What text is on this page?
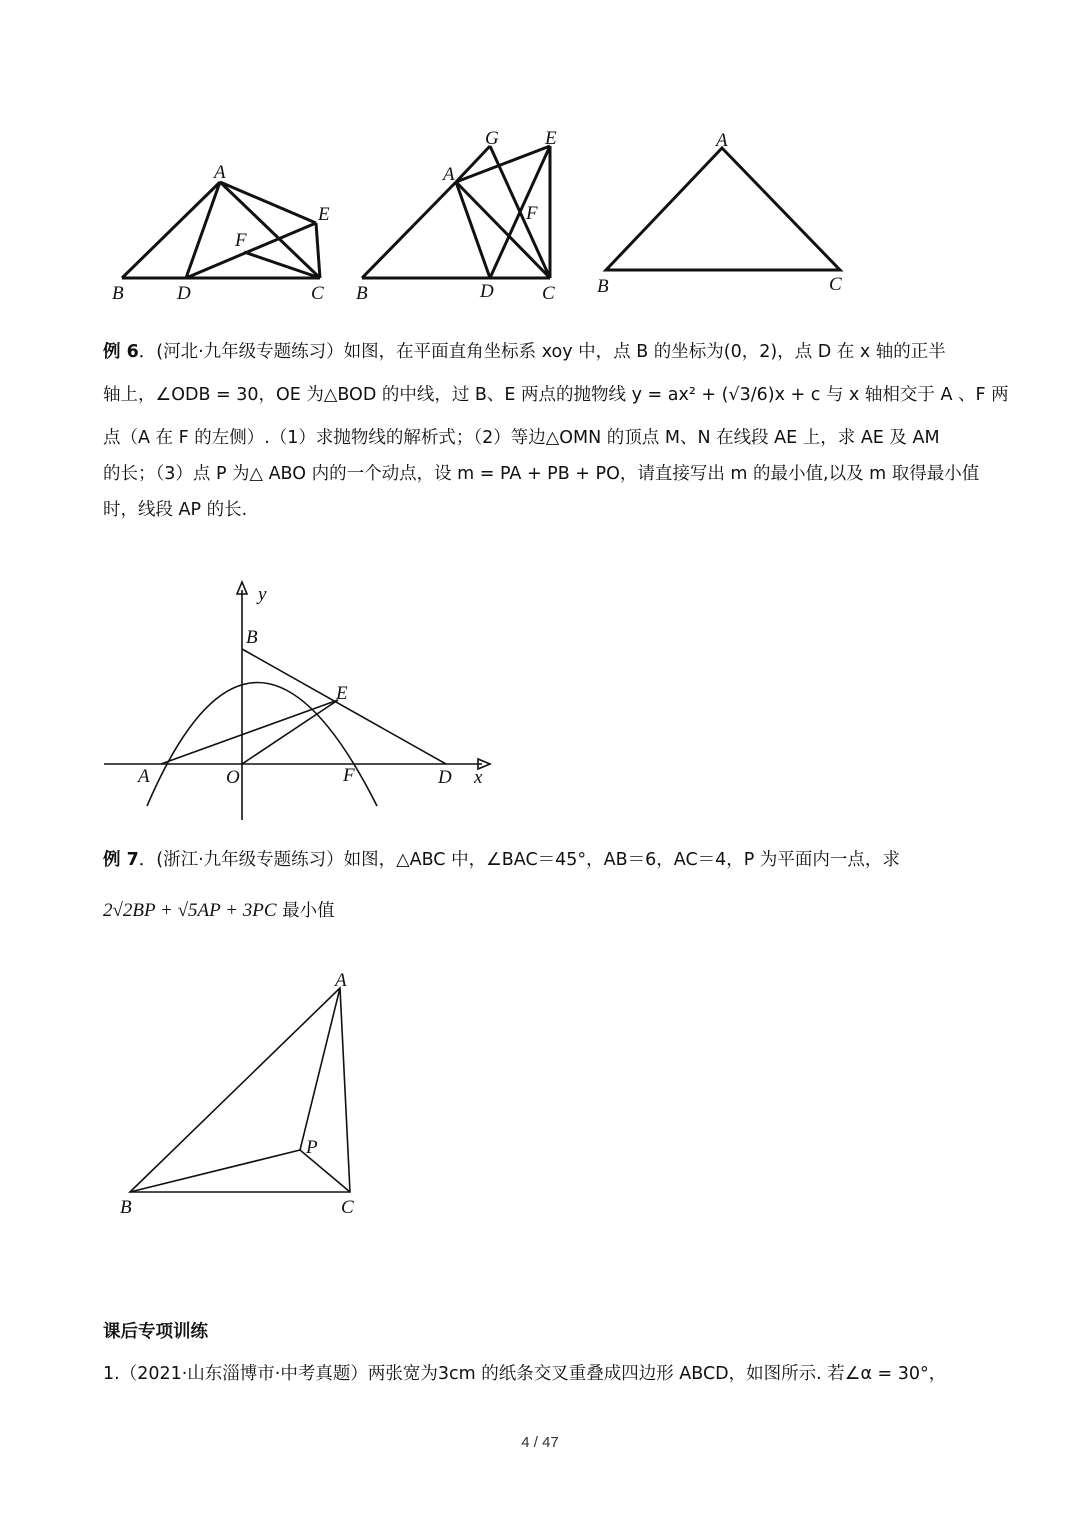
A
B	C
D
E
F
A
B	C
D
E
F
G	A
B	C
例 6．(河北·九年级专题练习）如图，在平面直角坐标系 xoy 中，点 B 的坐标为(0，2)，点 D 在 x 轴的正半
轴上，∠ODB = 30，OE 为△BOD 的中线，过 B、E 两点的抛物线 y = ax² + (√3/6)x + c 与 x 轴相交于 A 、F 两
点（A 在 F 的左侧）.（1）求抛物线的解析式；（2）等边△OMN 的顶点 M、N 在线段 AE 上，求 AE 及 AM
的长；（3）点 P 为△ ABO 内的一个动点，设 m = PA + PB + PO，请直接写出 m 的最小值,以及 m 取得最小值
时，线段 AP 的长.
y
B
E
A	O	F	D x
例 7．(浙江·九年级专题练习）如图，△ABC 中，∠BAC＝45°，AB＝6，AC＝4，P 为平面内一点，求
2√2BP + √5AP + 3PC 最小值
A
P
B	C
课后专项训练
1.（2021·山东淄博市·中考真题）两张宽为3cm 的纸条交叉重叠成四边形 ABCD，如图所示. 若∠α = 30°，
4 / 47
